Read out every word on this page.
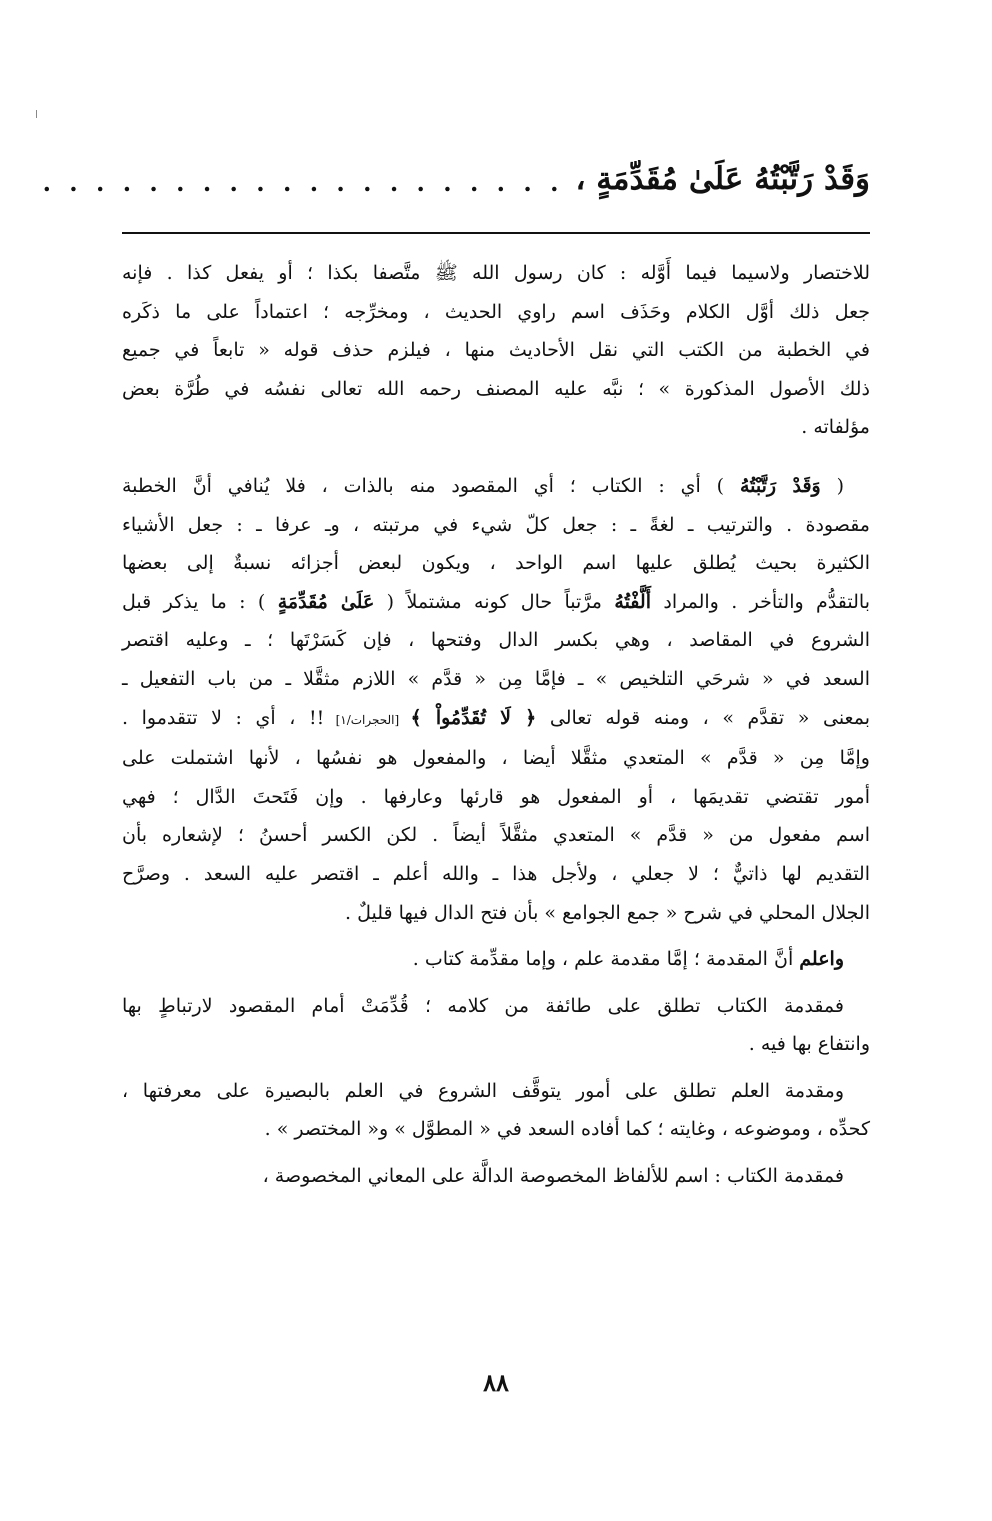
وَقَدْ رَتَّبْتُهُ عَلَىٰ مُقَدِّمَةٍ ،
. . . . . . . . . . . . . . . . . . . .
للاختصار ولاسيما فيما أَوَّله : كان رسول الله ﷺ متَّصفا بكذا ؛ أو يفعل كذا . فإنه
جعل ذلك أوَّل الكلام وحَذَف اسم راوي الحديث ، ومخرِّجه ؛ اعتماداً على ما ذكَره
في الخطبة من الكتب التي نقل الأحاديث منها ، فيلزم حذف قوله « تابعاً في جميع
ذلك الأصول المذكورة » ؛ نبَّه عليه المصنف رحمه الله تعالى نفسُه في طُرَّة بعض
مؤلفاته .
( وَقَدْ رَتَّبْتُهُ ) أي : الكتاب ؛ أي المقصود منه بالذات ، فلا يُنافي أنَّ الخطبة
مقصودة . والترتيب ـ لغةً ـ : جعل كلّ شيء في مرتبته ، وـ عرفا ـ : جعل الأشياء
الكثيرة بحيث يُطلق عليها اسم الواحد ، ويكون لبعض أجزائه نسبةٌ إلى بعضها
بالتقدُّم والتأخر . والمراد أَلَّفْتُهُ مرَّتباً حال كونه مشتملاً ( عَلَىٰ مُقَدِّمَةٍ ) : ما يذكر قبل
الشروع في المقاصد ، وهي بكسر الدال وفتحها ، فإن كَسَرْتَها ؛ ـ وعليه اقتصر
السعد في « شرحَي التلخيص » ـ فإمَّا مِن « قدَّم » اللازم مثقَّلا ـ من باب التفعيل ـ
بمعنى « تقدَّم » ، ومنه قوله تعالى ﴿ لَا تُقَدِّمُواْ ﴾ [الحجرات/١] !! ، أي : لا تتقدموا .
وإمَّا مِن « قدَّم » المتعدي مثقَّلا أيضا ، والمفعول هو نفسُها ، لأنها اشتملت على
أمور تقتضي تقديمَها ، أو المفعول هو قارئها وعارفها . وإن فَتَحتَ الدَّال ؛ فهي
اسم مفعول من « قدَّم » المتعدي مثقَّلاً أيضاً . لكن الكسر أحسنُ ؛ لإشعاره بأن
التقديم لها ذاتيٌّ ؛ لا جعلي ، ولأجل هذا ـ والله أعلم ـ اقتصر عليه السعد . وصرَّح
الجلال المحلي في شرح « جمع الجوامع » بأن فتح الدال فيها قليلٌ .
واعلم أنَّ المقدمة ؛ إمَّا مقدمة علم ، وإما مقدِّمة كتاب .
فمقدمة الكتاب تطلق على طائفة من كلامه ؛ قُدِّمَتْ أمام المقصود لارتباطٍ بها
وانتفاع بها فيه .
ومقدمة العلم تطلق على أمور يتوقَّف الشروع في العلم بالبصيرة على معرفتها ،
كحدِّه ، وموضوعه ، وغايته ؛ كما أفاده السعد في « المطوَّل » و« المختصر » .
فمقدمة الكتاب : اسم للألفاظ المخصوصة الدالَّة على المعاني المخصوصة ،
٨٨
